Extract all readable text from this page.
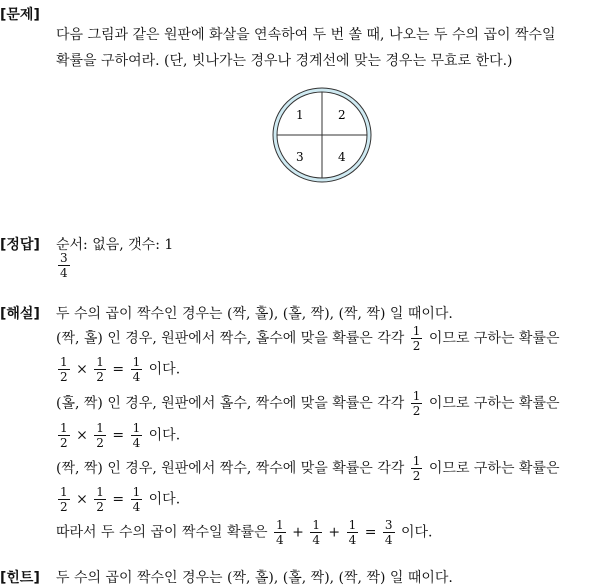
[문제]
다음 그림과 같은 원판에 화살을 연속하여 두 번 쏠 때, 나오는 두 수의 곱이 짝수일
확률을 구하여라. (단, 빗나가는 경우나 경계선에 맞는 경우는 무효로 한다.)
1	2
3	4
[정답] 순서: 없음, 갯수: 1
$\frac{3}{4}$
[해설] 두 수의 곱이 짝수인 경우는 (짝, 홀), (홀, 짝), (짝, 짝) 일 때이다.
(짝, 홀) 인 경우, 원판에서 짝수, 홀수에 맞을 확률은 각각 $\frac{1}{2}$ 이므로 구하는 확률은
$\frac{1}{2} \times \frac{1}{2} = \frac{1}{4}$ 이다.
(홀, 짝) 인 경우, 원판에서 홀수, 짝수에 맞을 확률은 각각 $\frac{1}{2}$ 이므로 구하는 확률은
$\frac{1}{2} \times \frac{1}{2} = \frac{1}{4}$ 이다.
(짝, 짝) 인 경우, 원판에서 짝수, 짝수에 맞을 확률은 각각 $\frac{1}{2}$ 이므로 구하는 확률은
$\frac{1}{2} \times \frac{1}{2} = \frac{1}{4}$ 이다.
따라서 두 수의 곱이 짝수일 확률은 $\frac{1}{4} + \frac{1}{4} + \frac{1}{4} = \frac{3}{4}$ 이다.
[힌트] 두 수의 곱이 짝수인 경우는 (짝, 홀), (홀, 짝), (짝, 짝) 일 때이다.
